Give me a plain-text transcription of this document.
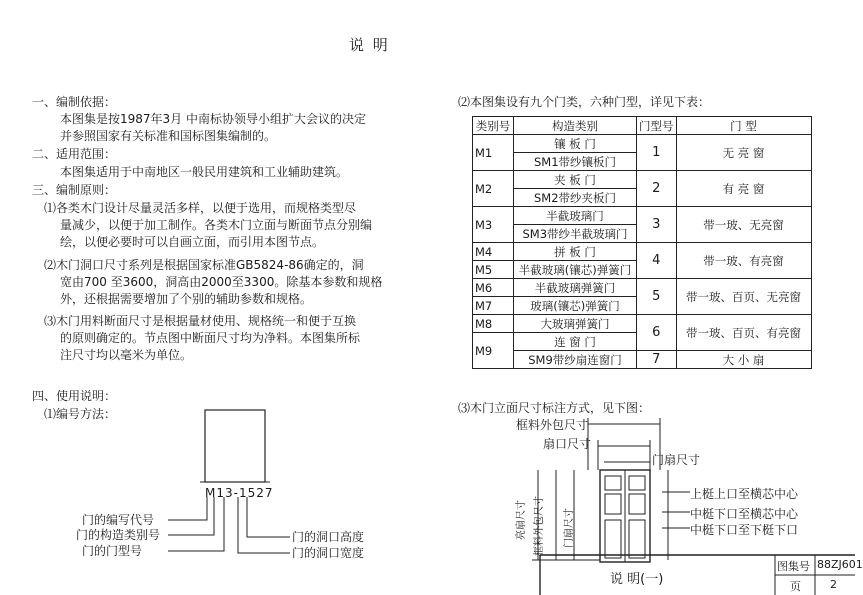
说 明
一、编制依据：
本图集是按1987年3月 中南标协领导小组扩大会议的决定
并参照国家有关标准和国标图集编制的。
二、适用范围：
本图集适用于中南地区一般民用建筑和工业辅助建筑。
三、编制原则：
⑴各类木门设计尽量灵活多样，以便于选用，而规格类型尽
量减少，以便于加工制作。各类木门立面与断面节点分别编
绘，以便必要时可以自画立面，而引用本图节点。
⑵木门洞口尺寸系列是根据国家标准GB5824-86确定的，洞
宽由700 至3600，洞高由2000至3300。除基本参数和规格
外，还根据需要增加了个别的辅助参数和规格。
⑶木门用料断面尺寸是根据量材使用、规格统一和便于互换
的原则确定的。节点图中断面尺寸均为净料。本图集所标
注尺寸均以毫米为单位。
四、使用说明：
⑴编号方法：
M13-1527
门的编写代号
门的构造类别号
门的门型号
门的洞口高度
门的洞口宽度
⑵本图集设有九个门类，六种门型，详见下表：
类别号	构造类别	门型号	门 型
M1	镶 板 门	1	无 亮 窗
	SM1带纱镶板门		
M2	夹 板 门	2	有 亮 窗
	SM2带纱夹板门		
M3	半截玻璃门	3	带一玻、无亮窗
	SM3带纱半截玻璃门		
M4	拼 板 门	4	带一玻、有亮窗
M5	半截玻璃(镶芯)弹簧门		
M6	半截玻璃弹簧门	5	带一玻、百页、无亮窗
M7	玻璃(镶芯)弹簧门		
M8	大玻璃弹簧门	6	带一玻、百页、有亮窗
M9	连 窗 门		
	SM9带纱扇连窗门	7	大 小 扇
⑶木门立面尺寸标注方式，见下图：
框料外包尺寸
扇口尺寸
门扇尺寸
上梃上口至横芯中心
中梃下口至横芯中心
中梃下口至下梃下口
亮扇尺寸 框料外包尺寸	门扇尺寸
说 明(一)
图集号 88ZJ601
页	2
